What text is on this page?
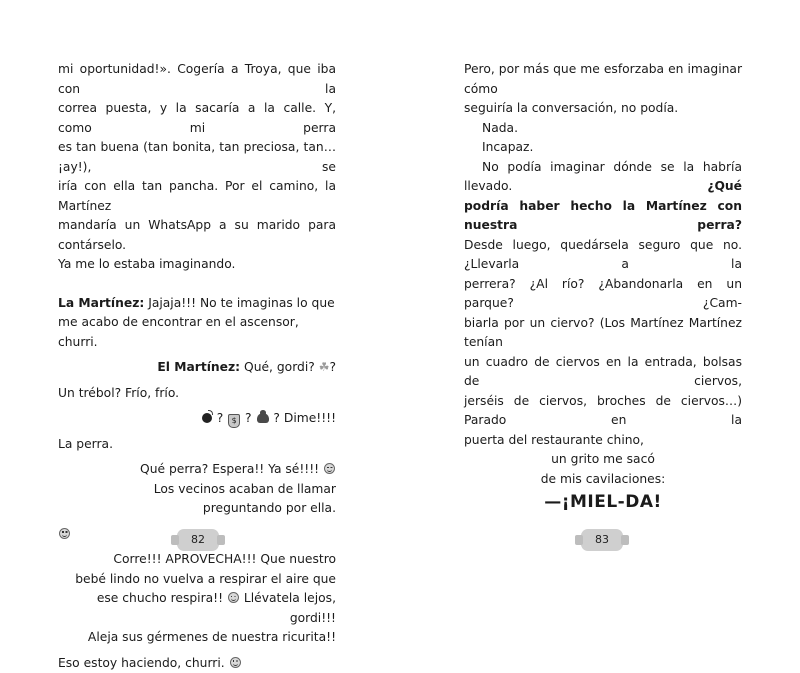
mi oportunidad!». Cogería a Troya, que iba con la

correa puesta, y la sacaría a la calle. Y, como mi perra

es tan buena (tan bonita, tan preciosa, tan… ¡ay!), se

iría con ella tan pancha. Por el camino, la Martínez

mandaría un WhatsApp a su marido para contárselo.

Ya me lo estaba imaginando.

La Martínez: Jajaja!!! No te imaginas lo que

me acabo de encontrar en el ascensor, churri.

El Martínez: Qué, gordi? ☘?

Un trébol? Frío, frío.

? $ ?  ? Dime!!!!

La perra.

Qué perra? Espera!! Ya sé!!!!

Los vecinos acaban de llamar

preguntando por ella.

Corre!!! APROVECHA!!! Que nuestro

bebé lindo no vuelva a respirar el aire que

ese chucho respira!!  Llévatela lejos, gordi!!!

Aleja sus gérmenes de nuestra ricurita!!

Eso estoy haciendo, churri.

82

Pero, por más que me esforzaba en imaginar cómo

seguiría la conversación, no podía.

Nada.

Incapaz.

No podía imaginar dónde se la habría llevado. ¿Qué

podría haber hecho la Martínez con nuestra perra?

Desde luego, quedársela seguro que no. ¿Llevarla a la

perrera? ¿Al río? ¿Abandonarla en un parque? ¿Cam-

biarla por un ciervo? (Los Martínez Martínez tenían

un cuadro de ciervos en la entrada, bolsas de ciervos,

jerséis de ciervos, broches de ciervos…) Parado en la

puerta del restaurante chino,

un grito me sacó

de mis cavilaciones:

—¡MIEL-DA!

83
